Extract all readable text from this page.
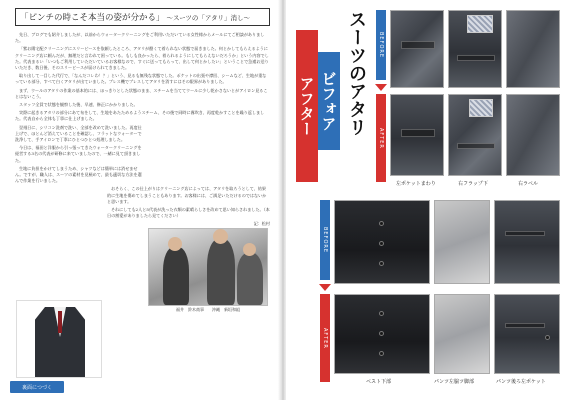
「ピンチの時こそ本当の姿が分かる」 〜スーツの「アタリ」消し〜

先日、ブログでも紹介しましたが、以前からウォータークリーニングをご利用いただいている女性様からメールにてご相談がありました。

「紫お陽宅配クリーニングにスリーピースを依頼したところ、アタリが酷くて着られない状態で届きました。何とかしてもらえるようにクリーニング店に頼んだが、無理だと言われて困っている。もしも良かったら、着られるようにしてもらえないだろうか」という内容でした。代表まるい「いつもご利用していただいているお客様なので、すぐに送ってもらって、出して何とかしたい」ということで急遽お送りいただき、数日後、そのスリーピースが届けられてきました。

取り出して一目した代行で、「なんだコレわ！？」という、見るも無残な状態でした。ポケットの出張や襟回、シームなど、生地が重なっている部分、すべて白くアタリが出ていました。プレス機でプレスしてアタリを消すにはその限界がありました。

まず、ウールのアタリの作業の基本的には、ほっきりとした状態のまま、スチームを当ててウールに少し乾かさないとがアイロン見ることはないこう。

スタッフ全員で状態を観察した後、早速、修正にかかりました。

実際に起きるアタリの部分にあて布をして、生地をあたためるようスチーム、その後で同時に霧吹き、再度乾かすことを繰り返しました。代表自から全体も丁寧に仕上げました。

翌週日に、シリコン洗剤で洗い、全部を改めて洗いました。再度仕上げで、ほとんど消えていることを確認し、フラットなウォーターで洗浄して、手アイロンで丁寧にひとつひとつ処理しました。

今日は、福田と洋服から引っ張ってきたウォータークリーニングを経営する3名の代表が研修に来ていましたので、一緒に見て頂きました。

生地に負担をかけてしまうため、シャツなどは簡単には消せません。ですが、職人は、スーツの素材を見極めて、最も適切な方法を選んで作業を行いました。

おそらく、この仕上がりはクリーニング店によっては、アタリを取ろうとして、結果的に生地を傷めてしまうこともあります。お客様には、ご満足いただけるのではないかと思います。

それにしても2人と5代表が洗った衣類の素晴らしさを改めて思い知らされました。（本日の割愛がありましたら見てください）

記：松村

福井　鈴木商事　　沖縄　新垣和組
裏面につづく
アフター ビフォア スーツのアタリ	BEFORE
AFTER
左ポケットまわり	右フラップ下	右ラペル
BEFORE
AFTER
ベスト下部	パンツ左脇ツ脚部	パンツ後ろ左ポケット
